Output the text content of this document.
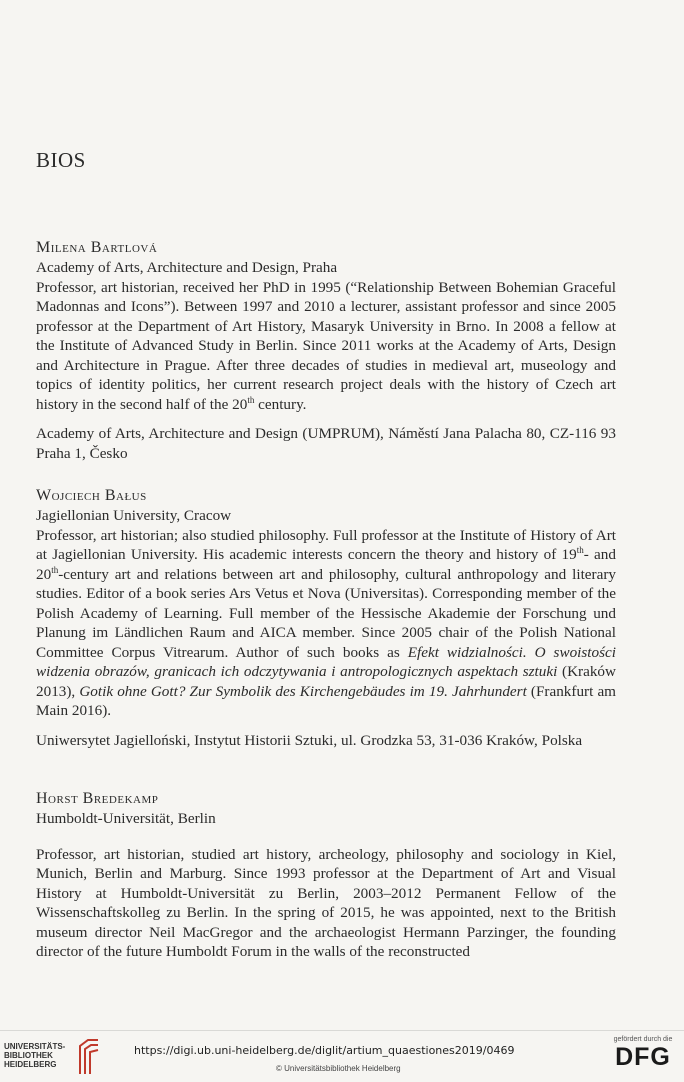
BIOS
Milena Bartlová
Academy of Arts, Architecture and Design, Praha
Professor, art historian, received her PhD in 1995 (“Relationship Between Bohemian Graceful Madonnas and Icons”). Between 1997 and 2010 a lecturer, assistant professor and since 2005 professor at the Department of Art History, Masaryk University in Brno. In 2008 a fellow at the Institute of Advanced Study in Berlin. Since 2011 works at the Academy of Arts, Design and Architecture in Prague. After three decades of studies in medieval art, museology and topics of identity politics, her current research project deals with the history of Czech art history in the second half of the 20th century.
Academy of Arts, Architecture and Design (UMPRUM), Náměstí Jana Palacha 80, CZ-116 93 Praha 1, Česko
Wojciech Bałus
Jagiellonian University, Cracow
Professor, art historian; also studied philosophy. Full professor at the Institute of History of Art at Jagiellonian University. His academic interests concern the theory and history of 19th- and 20th-century art and relations between art and philosophy, cultural anthropology and literary studies. Editor of a book series Ars Vetus et Nova (Universitas). Corresponding member of the Polish Academy of Learning. Full member of the Hessische Akademie der Forschung und Planung im Ländlichen Raum and AICA member. Since 2005 chair of the Polish National Committee Corpus Vitrearum. Author of such books as Efekt widzialności. O swoistości widzenia obrazów, granicach ich odczytywania i antropologicznych aspektach sztuki (Kraków 2013), Gotik ohne Gott? Zur Symbolik des Kirchengebäudes im 19. Jahrhundert (Frankfurt am Main 2016).
Uniwersytet Jagielloński, Instytut Historii Sztuki, ul. Grodzka 53, 31-036 Kraków, Polska
Horst Bredekamp
Humboldt-Universität, Berlin
Professor, art historian, studied art history, archeology, philosophy and sociology in Kiel, Munich, Berlin and Marburg. Since 1993 professor at the Department of Art and Visual History at Humboldt-Universität zu Berlin, 2003–2012 Permanent Fellow of the Wissenschaftskolleg zu Berlin. In the spring of 2015, he was appointed, next to the British museum director Neil MacGregor and the archaeologist Hermann Parzinger, the founding director of the future Humboldt Forum in the walls of the reconstructed
UNIVERSITÄTS-
BIBLIOTHEK
HEIDELBERG
https://digi.ub.uni-heidelberg.de/diglit/artium_quaestiones2019/0469
© Universitätsbibliothek Heidelberg
gefördert durch die
DFG
